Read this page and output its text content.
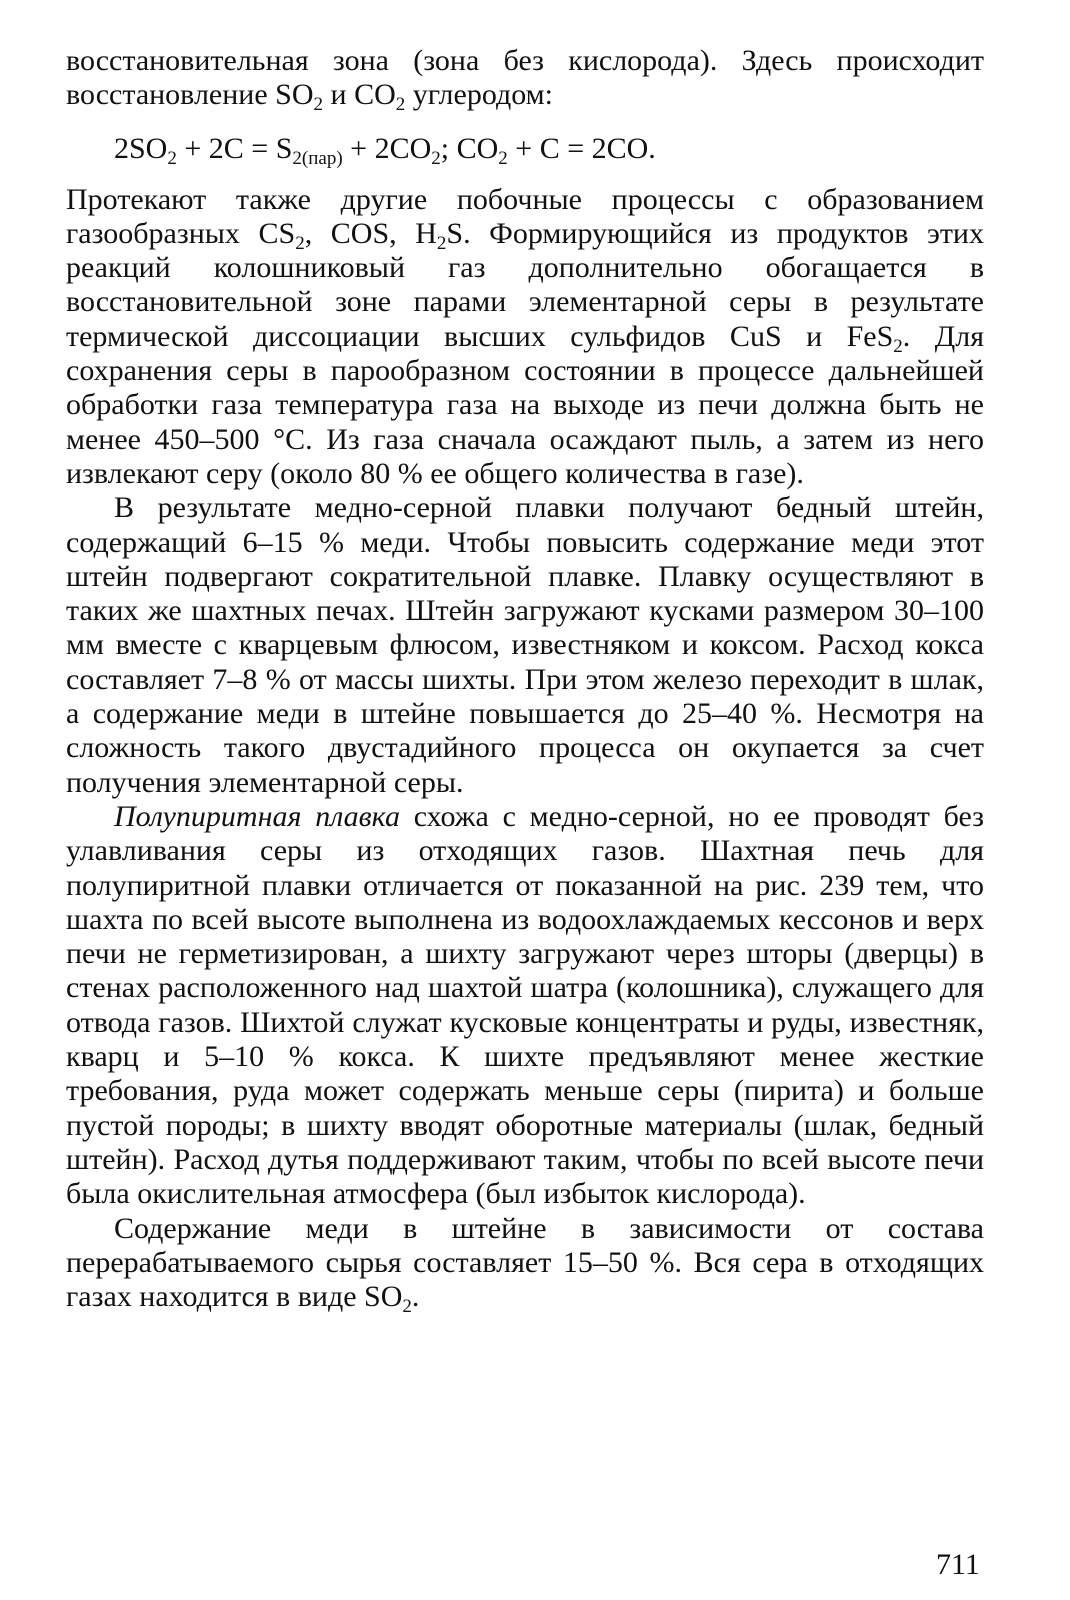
восстановительная зона (зона без кислорода). Здесь происходит восстановление $SO_2$ и $CO_2$ углеродом:

$2SO_2 + 2C = S_{2(пар)} + 2CO_2$; $CO_2 + C = 2CO$.

Протекают также другие побочные процессы с образованием газообразных $CS_2$, COS, $H_2S$. Формирующийся из продуктов этих реакций колошниковый газ дополнительно обогащается в восстановительной зоне парами элементарной серы в результате термической диссоциации высших сульфидов CuS и FeS$_2$. Для сохранения серы в парообразном состоянии в процессе дальнейшей обработки газа температура газа на выходе из печи должна быть не менее 450–500 °C. Из газа сначала осаждают пыль, а затем из него извлекают серу (около 80 % ее общего количества в газе).

В результате медно-серной плавки получают бедный штейн, содержащий 6–15 % меди. Чтобы повысить содержание меди этот штейн подвергают сократительной плавке. Плавку осуществляют в таких же шахтных печах. Штейн загружают кусками размером 30–100 мм вместе с кварцевым флюсом, известняком и коксом. Расход кокса составляет 7–8 % от массы шихты. При этом железо переходит в шлак, а содержание меди в штейне повышается до 25–40 %. Несмотря на сложность такого двустадийного процесса он окупается за счет получения элементарной серы.

Полупиритная плавка схожа с медно-серной, но ее проводят без улавливания серы из отходящих газов. Шахтная печь для полупиритной плавки отличается от показанной на рис. 239 тем, что шахта по всей высоте выполнена из водоохлаждаемых кессонов и верх печи не герметизирован, а шихту загружают через шторы (дверцы) в стенах расположенного над шахтой шатра (колошника), служащего для отвода газов. Шихтой служат кусковые концентраты и руды, известняк, кварц и 5–10 % кокса. К шихте предъявляют менее жесткие требования, руда может содержать меньше серы (пирита) и больше пустой породы; в шихту вводят оборотные материалы (шлак, бедный штейн). Расход дутья поддерживают таким, чтобы по всей высоте печи была окислительная атмосфера (был избыток кислорода).

Содержание меди в штейне в зависимости от состава перерабатываемого сырья составляет 15–50 %. Вся сера в отходящих газах находится в виде $SO_2$.

711
